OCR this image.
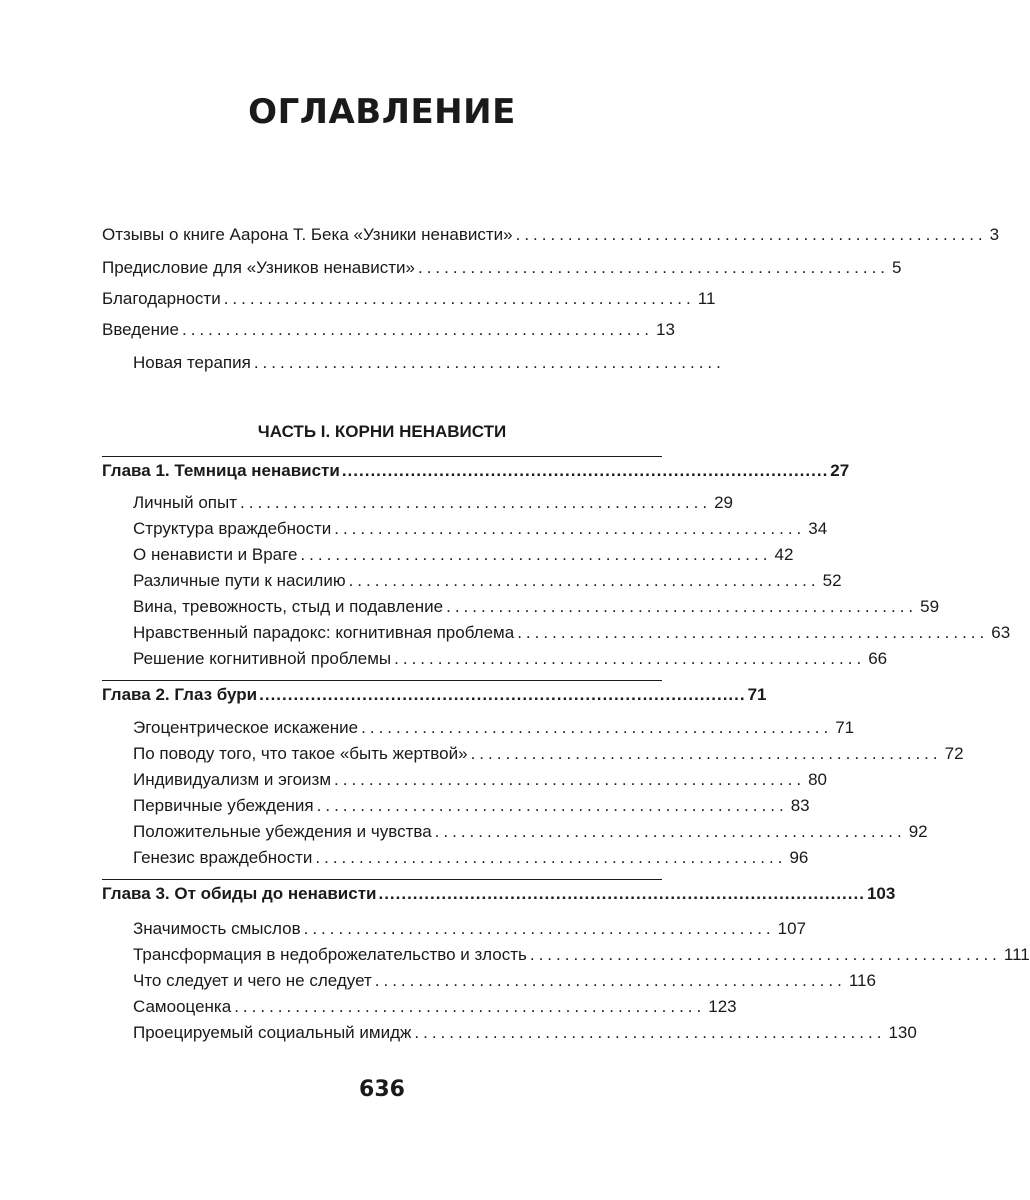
ОГЛАВЛЕНИЕ
Отзывы о книге Аарона Т. Бека «Узники ненависти» ...................................................... 3
Предисловие для «Узников ненависти» ...................................................... 5
Благодарности ...................................................... 11
Введение ...................................................... 13
Новая терапия ......................................................
ЧАСТЬ I. КОРНИ НЕНАВИСТИ
Глава 1. Темница ненависти ..................................................................................... 27
Личный опыт ...................................................... 29
Структура враждебности ...................................................... 34
О ненависти и Враге ...................................................... 42
Различные пути к насилию ...................................................... 52
Вина, тревожность, стыд и подавление ...................................................... 59
Нравственный парадокс: когнитивная проблема ...................................................... 63
Решение когнитивной проблемы ...................................................... 66
Глава 2. Глаз бури ..................................................................................... 71
Эгоцентрическое искажение ...................................................... 71
По поводу того, что такое «быть жертвой» ...................................................... 72
Индивидуализм и эгоизм ...................................................... 80
Первичные убеждения ...................................................... 83
Положительные убеждения и чувства ...................................................... 92
Генезис враждебности ...................................................... 96
Глава 3. От обиды до ненависти ..................................................................................... 103
Значимость смыслов ...................................................... 107
Трансформация в недоброжелательство и злость ...................................................... 111
Что следует и чего не следует ...................................................... 116
Самооценка ...................................................... 123
Проецируемый социальный имидж ...................................................... 130
636
